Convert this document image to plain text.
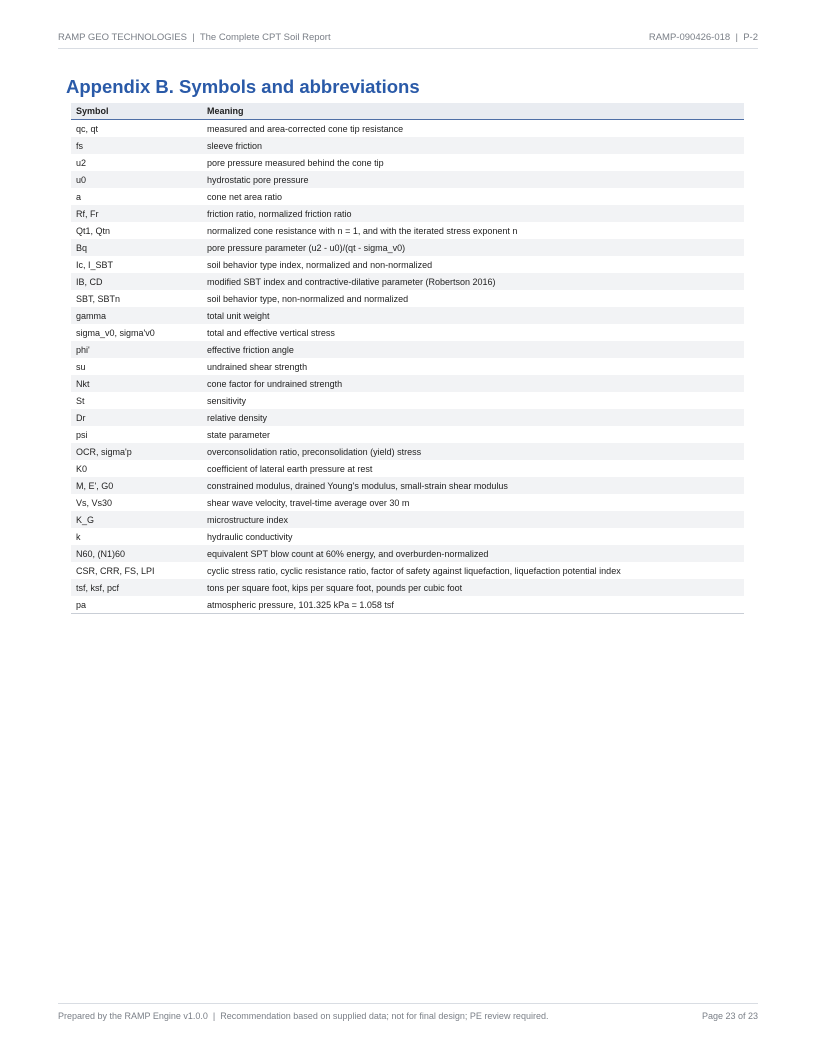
RAMP GEO TECHNOLOGIES  |  The Complete CPT Soil Report	RAMP-090426-018  |  P-2
Appendix B. Symbols and abbreviations
Symbol	Meaning
qc, qt	measured and area-corrected cone tip resistance
fs	sleeve friction
u2	pore pressure measured behind the cone tip
u0	hydrostatic pore pressure
a	cone net area ratio
Rf, Fr	friction ratio, normalized friction ratio
Qt1, Qtn	normalized cone resistance with n = 1, and with the iterated stress exponent n
Bq	pore pressure parameter (u2 - u0)/(qt - sigma_v0)
Ic, I_SBT	soil behavior type index, normalized and non-normalized
IB, CD	modified SBT index and contractive-dilative parameter (Robertson 2016)
SBT, SBTn	soil behavior type, non-normalized and normalized
gamma	total unit weight
sigma_v0, sigma'v0	total and effective vertical stress
phi'	effective friction angle
su	undrained shear strength
Nkt	cone factor for undrained strength
St	sensitivity
Dr	relative density
psi	state parameter
OCR, sigma'p	overconsolidation ratio, preconsolidation (yield) stress
K0	coefficient of lateral earth pressure at rest
M, E', G0	constrained modulus, drained Young's modulus, small-strain shear modulus
Vs, Vs30	shear wave velocity, travel-time average over 30 m
K_G	microstructure index
k	hydraulic conductivity
N60, (N1)60	equivalent SPT blow count at 60% energy, and overburden-normalized
CSR, CRR, FS, LPI	cyclic stress ratio, cyclic resistance ratio, factor of safety against liquefaction, liquefaction potential index
tsf, ksf, pcf	tons per square foot, kips per square foot, pounds per cubic foot
pa	atmospheric pressure, 101.325 kPa = 1.058 tsf
Prepared by the RAMP Engine v1.0.0  |  Recommendation based on supplied data; not for final design; PE review required.	Page 23 of 23
